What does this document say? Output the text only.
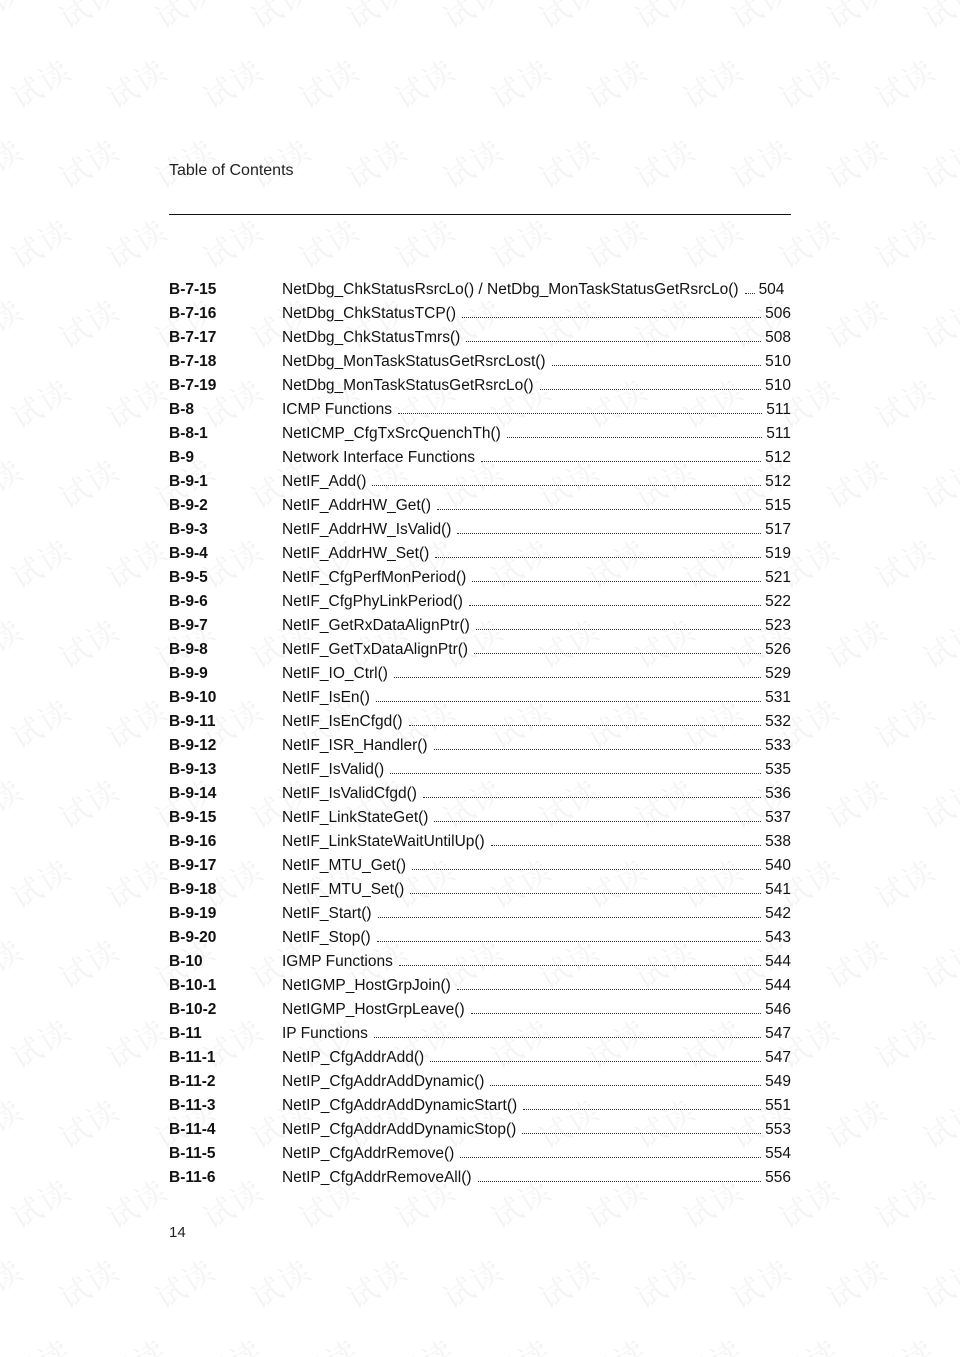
Table of Contents
B-7-15	NetDbg_ChkStatusRsrcLo() / NetDbg_MonTaskStatusGetRsrcLo() 504
B-7-16	NetDbg_ChkStatusTCP()	506
B-7-17	NetDbg_ChkStatusTmrs()	508
B-7-18	NetDbg_MonTaskStatusGetRsrcLost()	510
B-7-19	NetDbg_MonTaskStatusGetRsrcLo()	510
B-8	ICMP Functions	511
B-8-1	NetICMP_CfgTxSrcQuenchTh()	511
B-9	Network Interface Functions	512
B-9-1	NetIF_Add()	512
B-9-2	NetIF_AddrHW_Get()	515
B-9-3	NetIF_AddrHW_IsValid()	517
B-9-4	NetIF_AddrHW_Set()	519
B-9-5	NetIF_CfgPerfMonPeriod()	521
B-9-6	NetIF_CfgPhyLinkPeriod()	522
B-9-7	NetIF_GetRxDataAlignPtr()	523
B-9-8	NetIF_GetTxDataAlignPtr()	526
B-9-9	NetIF_IO_Ctrl()	529
B-9-10	NetIF_IsEn()	531
B-9-11	NetIF_IsEnCfgd()	532
B-9-12	NetIF_ISR_Handler()	533
B-9-13	NetIF_IsValid()	535
B-9-14	NetIF_IsValidCfgd()	536
B-9-15	NetIF_LinkStateGet()	537
B-9-16	NetIF_LinkStateWaitUntilUp()	538
B-9-17	NetIF_MTU_Get()	540
B-9-18	NetIF_MTU_Set()	541
B-9-19	NetIF_Start()	542
B-9-20	NetIF_Stop()	543
B-10	IGMP Functions	544
B-10-1	NetIGMP_HostGrpJoin()	544
B-10-2	NetIGMP_HostGrpLeave()	546
B-11	IP Functions	547
B-11-1	NetIP_CfgAddrAdd()	547
B-11-2	NetIP_CfgAddrAddDynamic()	549
B-11-3	NetIP_CfgAddrAddDynamicStart()	551
B-11-4	NetIP_CfgAddrAddDynamicStop()	553
B-11-5	NetIP_CfgAddrRemove()	554
B-11-6	NetIP_CfgAddrRemoveAll()	556
14
